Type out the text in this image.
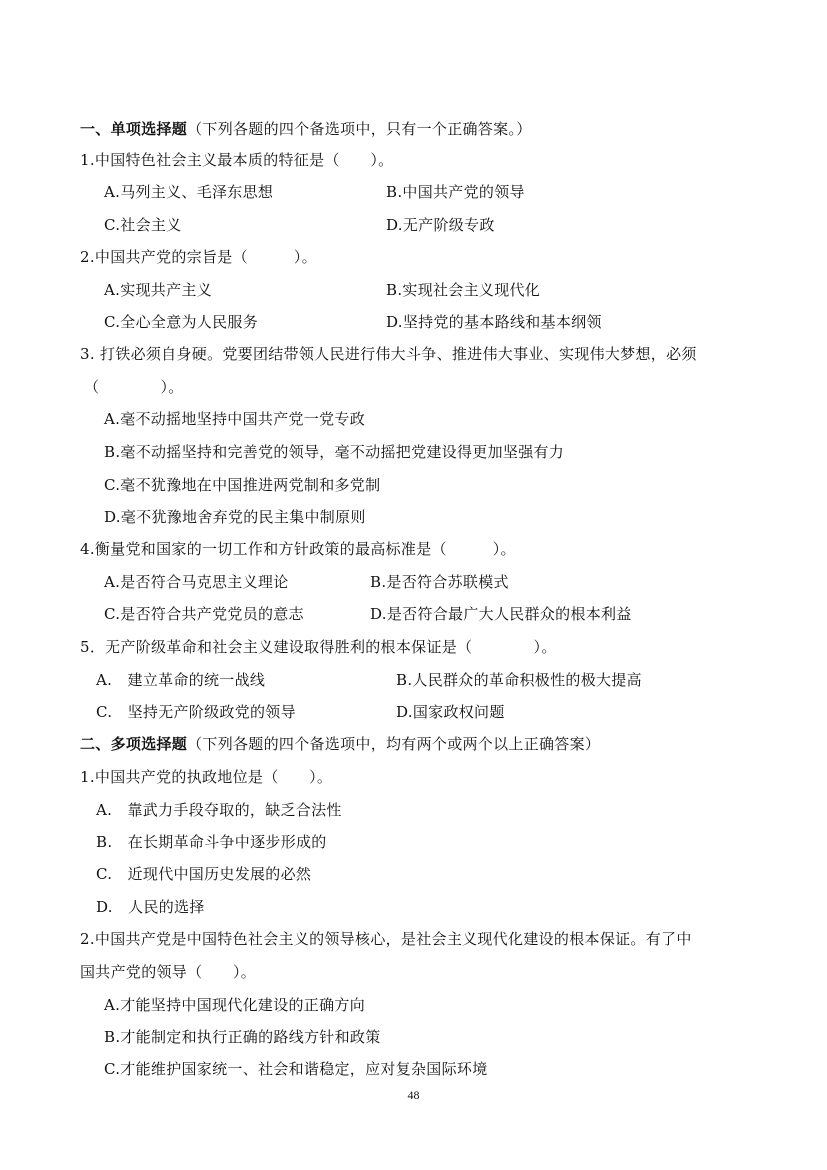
一、单项选择题（下列各题的四个备选项中，只有一个正确答案。）
1.中国特色社会主义最本质的特征是（　　）。
A.马列主义、毛泽东思想	B.中国共产党的领导
C.社会主义	D.无产阶级专政
2.中国共产党的宗旨是（　　　）。
A.实现共产主义	B.实现社会主义现代化
C.全心全意为人民服务	D.坚持党的基本路线和基本纲领
3. 打铁必须自身硬。党要团结带领人民进行伟大斗争、推进伟大事业、实现伟大梦想，必须
（　　　　）。
A.毫不动摇地坚持中国共产党一党专政
B.毫不动摇坚持和完善党的领导，毫不动摇把党建设得更加坚强有力
C.毫不犹豫地在中国推进两党制和多党制
D.毫不犹豫地舍弃党的民主集中制原则
4.衡量党和国家的一切工作和方针政策的最高标准是（　　　）。
A.是否符合马克思主义理论	B.是否符合苏联模式
C.是否符合共产党党员的意志	D.是否符合最广大人民群众的根本利益
5．无产阶级革命和社会主义建设取得胜利的根本保证是（　　　　）。
A.　建立革命的统一战线	B.人民群众的革命积极性的极大提高
C.　坚持无产阶级政党的领导	D.国家政权问题
二、多项选择题（下列各题的四个备选项中，均有两个或两个以上正确答案）
1.中国共产党的执政地位是（　　）。
A.　靠武力手段夺取的，缺乏合法性
B.　在长期革命斗争中逐步形成的
C.　近现代中国历史发展的必然
D.　人民的选择
2.中国共产党是中国特色社会主义的领导核心，是社会主义现代化建设的根本保证。有了中
国共产党的领导（　　）。
A.才能坚持中国现代化建设的正确方向
B.才能制定和执行正确的路线方针和政策
C.才能维护国家统一、社会和谐稳定，应对复杂国际环境
48
